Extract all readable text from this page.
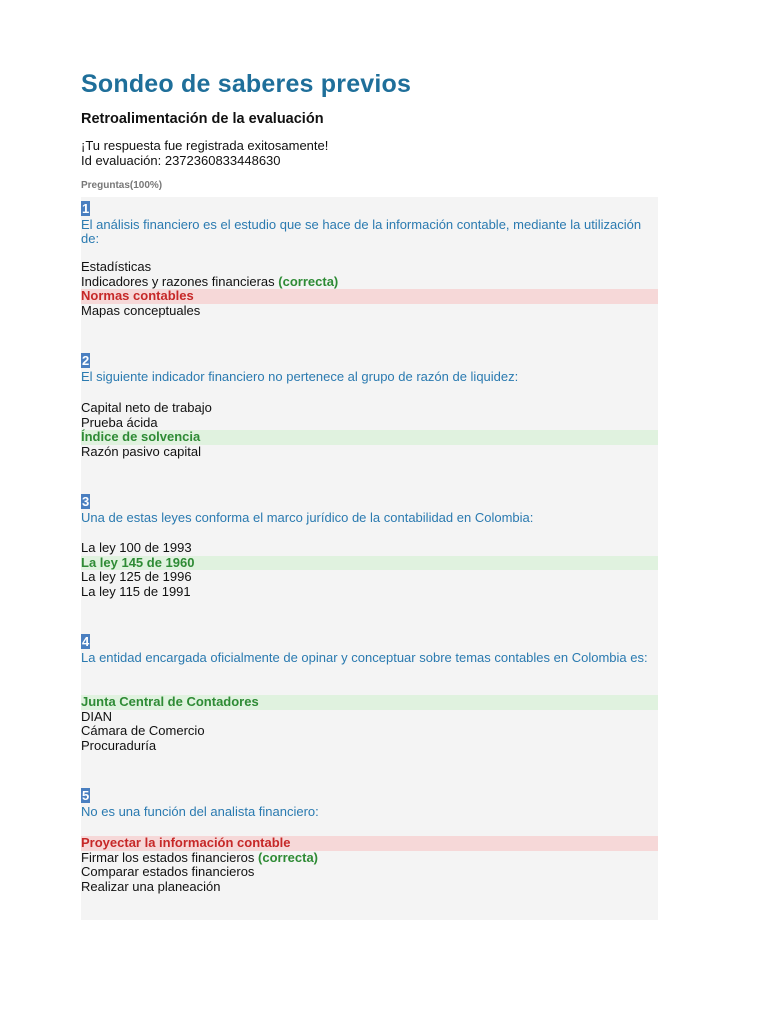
Sondeo de saberes previos
Retroalimentación de la evaluación
¡Tu respuesta fue registrada exitosamente!
Id evaluación: 2372360833448630
Preguntas(100%)
1
El análisis financiero es el estudio que se hace de la información contable, mediante la utilización de:
Estadísticas
Indicadores y razones financieras (correcta)
Normas contables
Mapas conceptuales
2
El siguiente indicador financiero no pertenece al grupo de razón de liquidez:
Capital neto de trabajo
Prueba ácida
Índice de solvencia
Razón pasivo capital
3
Una de estas leyes conforma el marco jurídico de la contabilidad en Colombia:
La ley 100 de 1993
La ley 145 de 1960
La ley 125 de 1996
La ley 115 de 1991
4
La entidad encargada oficialmente de opinar y conceptuar sobre temas contables en Colombia es:
Junta Central de Contadores
DIAN
Cámara de Comercio
Procuraduría
5
No es una función del analista financiero:
Proyectar la información contable
Firmar los estados financieros (correcta)
Comparar estados financieros
Realizar una planeación
